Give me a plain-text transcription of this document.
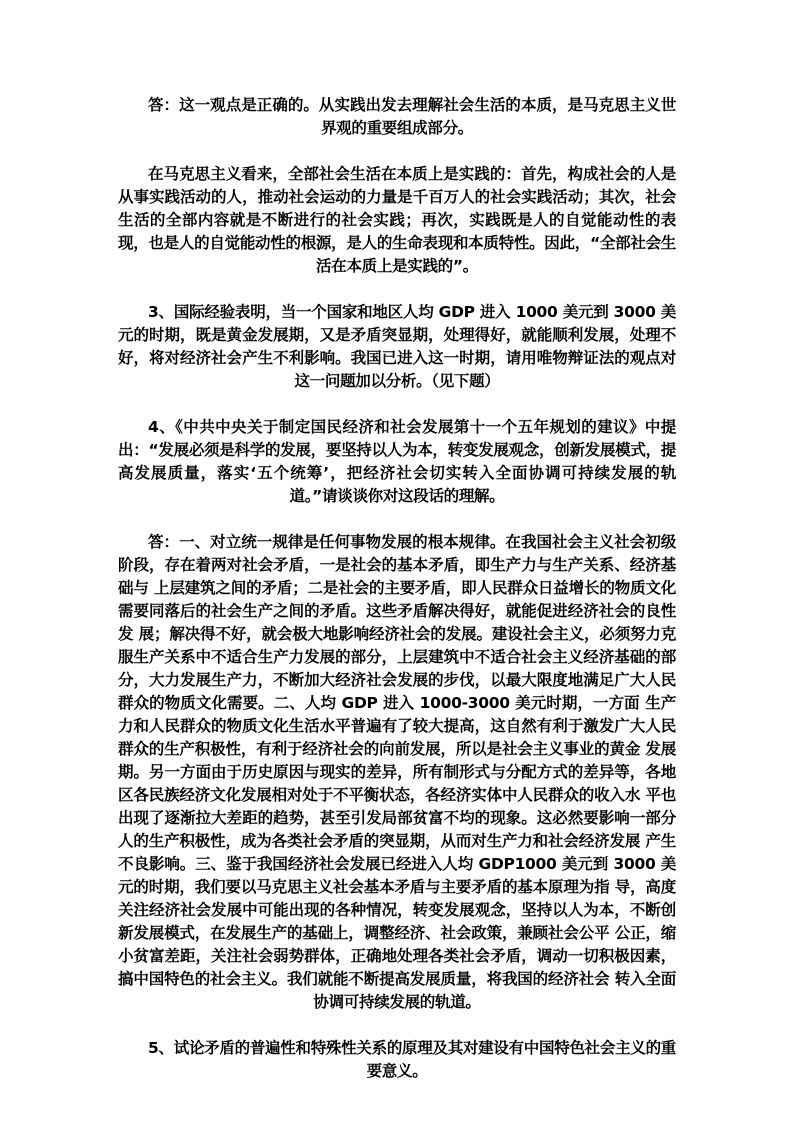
答：这一观点是正确的。从实践出发去理解社会生活的本质，是马克思主义世界观的重要组成部分。

在马克思主义看来，全部社会生活在本质上是实践的：首先，构成社会的人是从事实践活动的人，推动社会运动的力量是千百万人的社会实践活动；其次，社会生活的全部内容就是不断进行的社会实践；再次，实践既是人的自觉能动性的表现，也是人的自觉能动性的根源，是人的生命表现和本质特性。因此，“全部社会生活在本质上是实践的”。

3、国际经验表明，当一个国家和地区人均 GDP 进入 1000 美元到 3000 美元的时期，既是黄金发展期，又是矛盾突显期，处理得好，就能顺利发展，处理不好，将对经济社会产生不利影响。我国已进入这一时期，请用唯物辩证法的观点对这一问题加以分析。（见下题）

4、《中共中央关于制定国民经济和社会发展第十一个五年规划的建议》中提出：“发展必须是科学的发展，要坚持以人为本，转变发展观念，创新发展模式，提高发展质量，落实‘五个统筹’，把经济社会切实转入全面协调可持续发展的轨道。”请谈谈你对这段话的理解。

答：一、对立统一规律是任何事物发展的根本规律。在我国社会主义社会初级阶段，存在着两对社会矛盾，一是社会的基本矛盾，即生产力与生产关系、经济基础与 上层建筑之间的矛盾；二是社会的主要矛盾，即人民群众日益增长的物质文化需要同落后的社会生产之间的矛盾。这些矛盾解决得好，就能促进经济社会的良性发 展；解决得不好，就会极大地影响经济社会的发展。建设社会主义，必须努力克服生产关系中不适合生产力发展的部分，上层建筑中不适合社会主义经济基础的部 分，大力发展生产力，不断加大经济社会发展的步伐，以最大限度地满足广大人民群众的物质文化需要。二、人均 GDP 进入 1000-3000 美元时期，一方面 生产力和人民群众的物质文化生活水平普遍有了较大提高，这自然有利于激发广大人民群众的生产积极性，有利于经济社会的向前发展，所以是社会主义事业的黄金 发展期。另一方面由于历史原因与现实的差异，所有制形式与分配方式的差异等，各地区各民族经济文化发展相对处于不平衡状态，各经济实体中人民群众的收入水 平也出现了逐渐拉大差距的趋势，甚至引发局部贫富不均的现象。这必然要影响一部分人的生产积极性，成为各类社会矛盾的突显期，从而对生产力和社会经济发展 产生不良影响。三、鉴于我国经济社会发展已经进入人均 GDP1000 美元到 3000 美元的时期，我们要以马克思主义社会基本矛盾与主要矛盾的基本原理为指 导，高度关注经济社会发展中可能出现的各种情况，转变发展观念，坚持以人为本，不断创新发展模式，在发展生产的基础上，调整经济、社会政策，兼顾社会公平 公正，缩小贫富差距，关注社会弱势群体，正确地处理各类社会矛盾，调动一切积极因素，搞中国特色的社会主义。我们就能不断提高发展质量，将我国的经济社会 转入全面协调可持续发展的轨道。

5、试论矛盾的普遍性和特殊性关系的原理及其对建设有中国特色社会主义的重要意义。
